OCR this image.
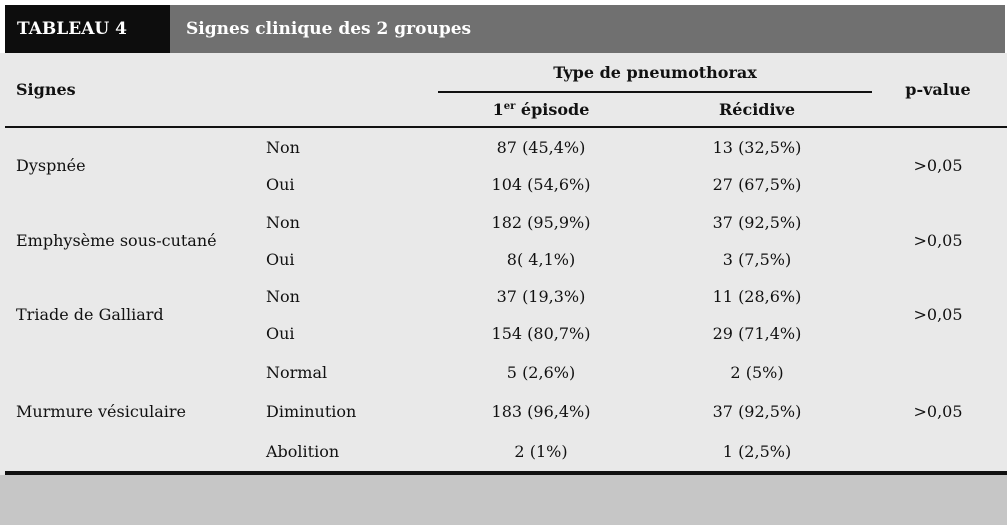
TABLEAU 4	Signes clinique des 2 groupes
Signes
Type de pneumothorax
1er épisode	Récidive
p-value
Dyspnée
Non	87 (45,4%)	13 (32,5%)
Oui	104 (54,6%)	27 (67,5%)
>0,05
Emphysème sous-cutané
Non	182 (95,9%)	37 (92,5%)
Oui	8( 4,1%)	3 (7,5%)
>0,05
Triade de Galliard
Non	37 (19,3%)	11 (28,6%)
Oui	154 (80,7%)	29 (71,4%)
>0,05
Murmure vésiculaire
Normal	5 (2,6%)	2 (5%)
Diminution	183 (96,4%)	37 (92,5%)
Abolition	2 (1%)	1 (2,5%)
>0,05
